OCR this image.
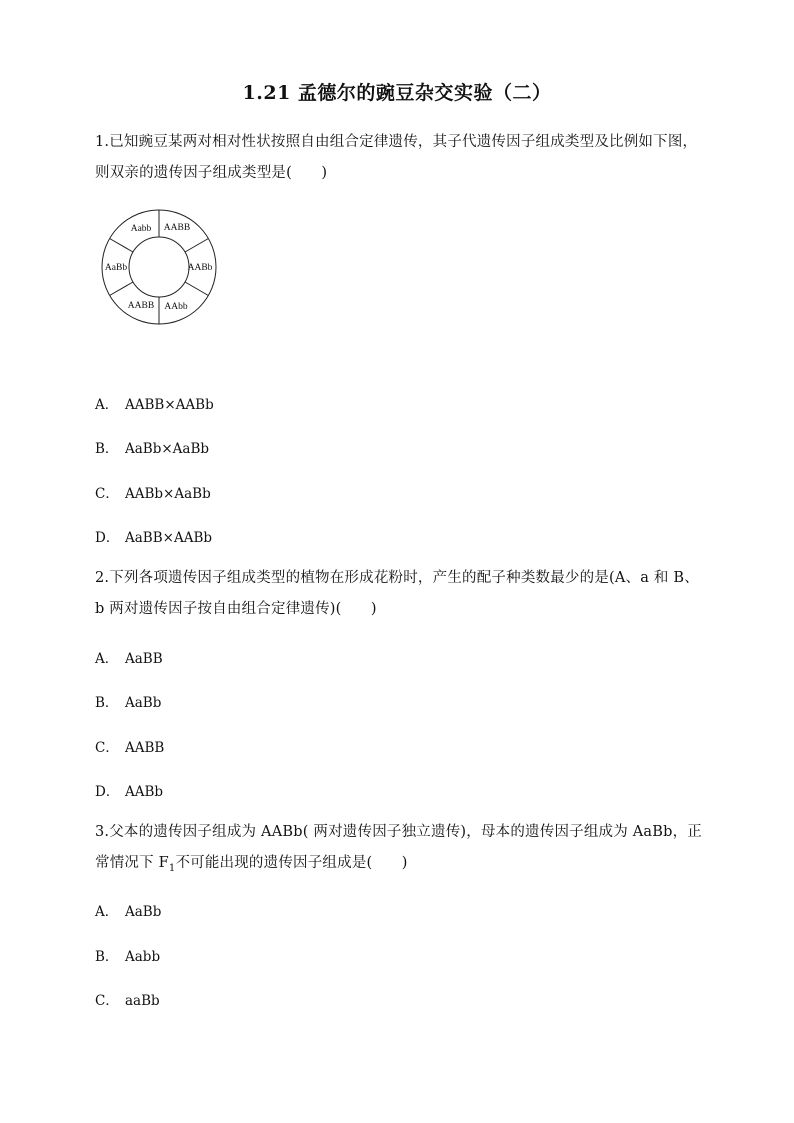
1.21 孟德尔的豌豆杂交实验（二）
1.已知豌豆某两对相对性状按照自由组合定律遗传，其子代遗传因子组成类型及比例如下图，则双亲的遗传因子组成类型是(　　)
Aabb AABB
AABb
AAbb
AABB
AaBb
A． AABB×AABb
B． AaBb×AaBb
C． AABb×AaBb
D． AaBB×AABb
2.下列各项遗传因子组成类型的植物在形成花粉时，产生的配子种类数最少的是(A、a 和 B、b 两对遗传因子按自由组合定律遗传)(　　)
A． AaBB
B． AaBb
C． AABB
D． AABb
3.父本的遗传因子组成为 AABb( 两对遗传因子独立遗传)，母本的遗传因子组成为 AaBb，正常情况下 $F_1$不可能出现的遗传因子组成是(　　)
A． AaBb
B． Aabb
C． aaBb
